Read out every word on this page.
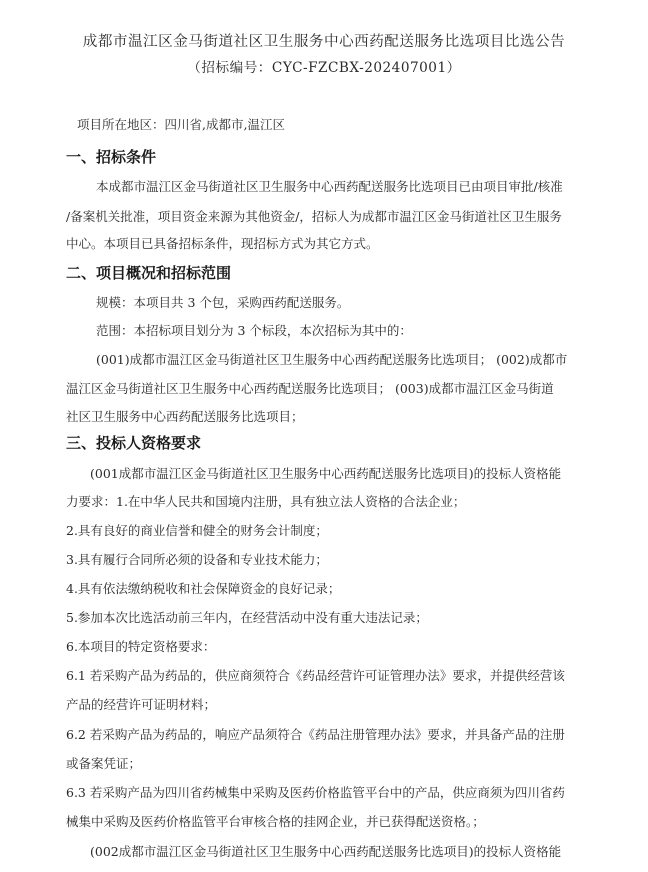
成都市温江区金马街道社区卫生服务中心西药配送服务比选项目比选公告
（招标编号：CYC-FZCBX-202407001）
项目所在地区：四川省,成都市,温江区
一、招标条件
本成都市温江区金马街道社区卫生服务中心西药配送服务比选项目已由项目审批/核准
/备案机关批准，项目资金来源为其他资金/，招标人为成都市温江区金马街道社区卫生服务
中心。本项目已具备招标条件，现招标方式为其它方式。
二、项目概况和招标范围
规模：本项目共 3 个包，采购西药配送服务。
范围：本招标项目划分为 3 个标段，本次招标为其中的：
(001)成都市温江区金马街道社区卫生服务中心西药配送服务比选项目； (002)成都市
温江区金马街道社区卫生服务中心西药配送服务比选项目； (003)成都市温江区金马街道
社区卫生服务中心西药配送服务比选项目；
三、投标人资格要求
(001成都市温江区金马街道社区卫生服务中心西药配送服务比选项目)的投标人资格能
力要求：1.在中华人民共和国境内注册，具有独立法人资格的合法企业；
2.具有良好的商业信誉和健全的财务会计制度；
3.具有履行合同所必须的设备和专业技术能力；
4.具有依法缴纳税收和社会保障资金的良好记录；
5.参加本次比选活动前三年内，在经营活动中没有重大违法记录；
6.本项目的特定资格要求：
6.1 若采购产品为药品的，供应商须符合《药品经营许可证管理办法》要求，并提供经营该
产品的经营许可证明材料；
6.2 若采购产品为药品的，响应产品须符合《药品注册管理办法》要求，并具备产品的注册
或备案凭证；
6.3 若采购产品为四川省药械集中采购及医药价格监管平台中的产品，供应商须为四川省药
械集中采购及医药价格监管平台审核合格的挂网企业，并已获得配送资格。；
(002成都市温江区金马街道社区卫生服务中心西药配送服务比选项目)的投标人资格能
